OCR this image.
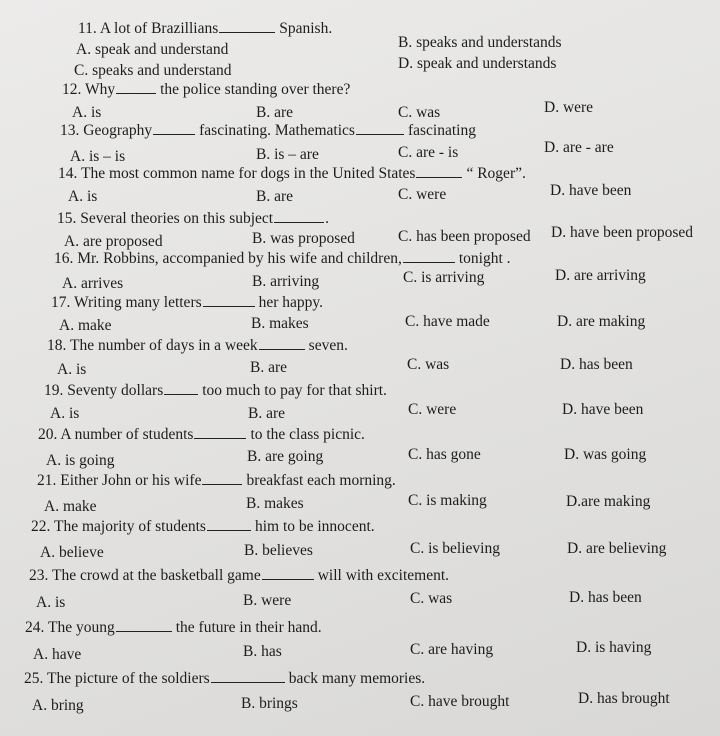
11. A lot of Brazillians	Spanish.
A. speak and understand	B. speaks and understands
C. speaks and understand	D. speak and understands
12. Why	the police standing over there?
A. is	B. are	C. was	D. were
13. Geography	fascinating. Mathematics	fascinating
A. is – is	B. is – are	C. are - is	D. are - are
14. The most common name for dogs in the United States	“ Roger”.
A. is	B. are	C. were	D. have been
15. Several theories on this subject	.
A. are proposed	B. was proposed	C. has been proposed D. have been proposed
16. Mr. Robbins, accompanied by his wife and children,	tonight .
A. arrives	B. arriving	C. is arriving	D. are arriving
17. Writing many letters	her happy.
A. make	B. makes	C. have made	D. are making
18. The number of days in a week	seven.
A. is	B. are	C. was	D. has been
19. Seventy dollars	too much to pay for that shirt.
A. is	B. are	C. were	D. have been
20. A number of students	to the class picnic.
A. is going	B. are going	C. has gone	D. was going
21. Either John or his wife	breakfast each morning.
A. make	B. makes	C. is making	D.are making
22. The majority of students	him to be innocent.
A. believe	B. believes	C. is believing	D. are believing
23. The crowd at the basketball game	will with excitement.
A. is	B. were	C. was	D. has been
24. The young	the future in their hand.
A. have	B. has	C. are having	D. is having
25. The picture of the soldiers	back many memories.
A. bring	B. brings	C. have brought	D. has brought
